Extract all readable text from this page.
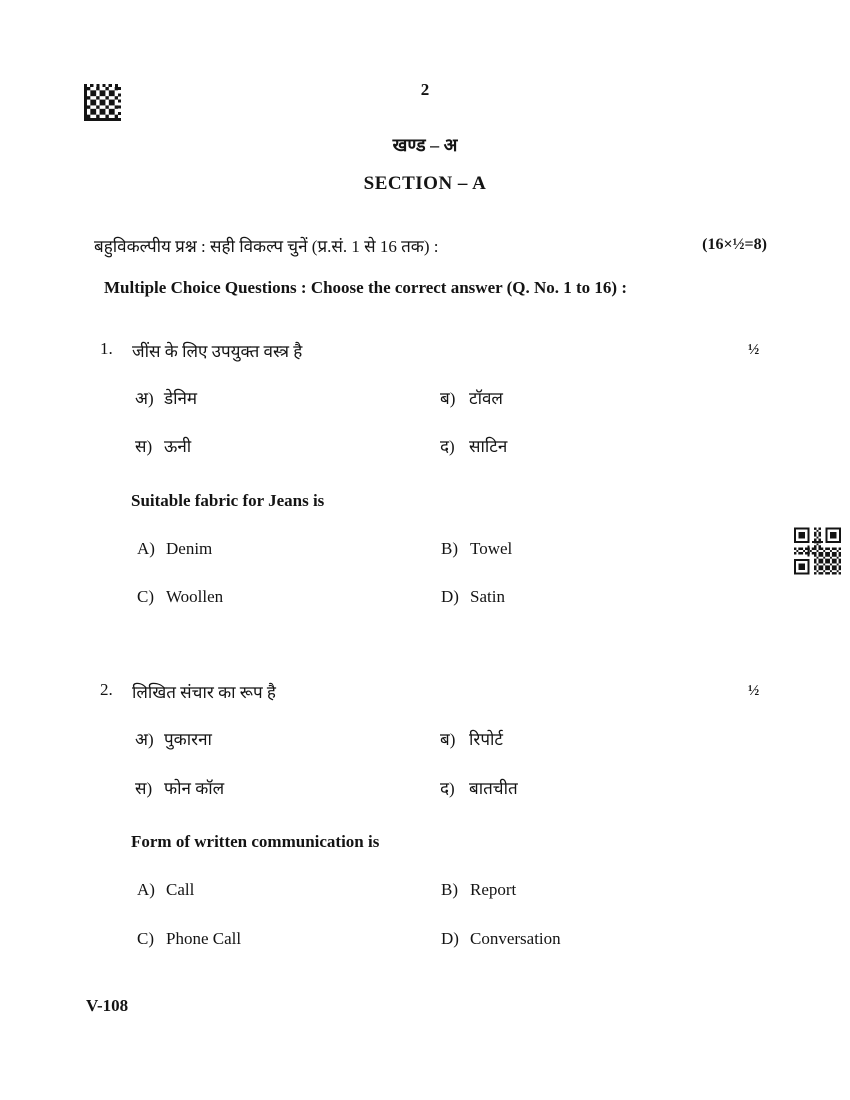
2
खण्ड – अ
SECTION – A
बहुविकल्पीय प्रश्न : सही विकल्प चुनें (प्र.सं. 1 से 16 तक) :	(16×½=8)
Multiple Choice Questions : Choose the correct answer (Q. No. 1 to 16) :
1. जींस के लिए उपयुक्त वस्त्र है	½
अ) डेनिम	ब) टॉवल
स) ऊनी	द) साटिन
Suitable fabric for Jeans is
A) Denim	B) Towel
C) Woollen	D) Satin
2. लिखित संचार का रूप है	½
अ) पुकारना	ब) रिपोर्ट
स) फोन कॉल	द) बातचीत
Form of written communication is
A) Call	B) Report
C) Phone Call	D) Conversation
V-108
